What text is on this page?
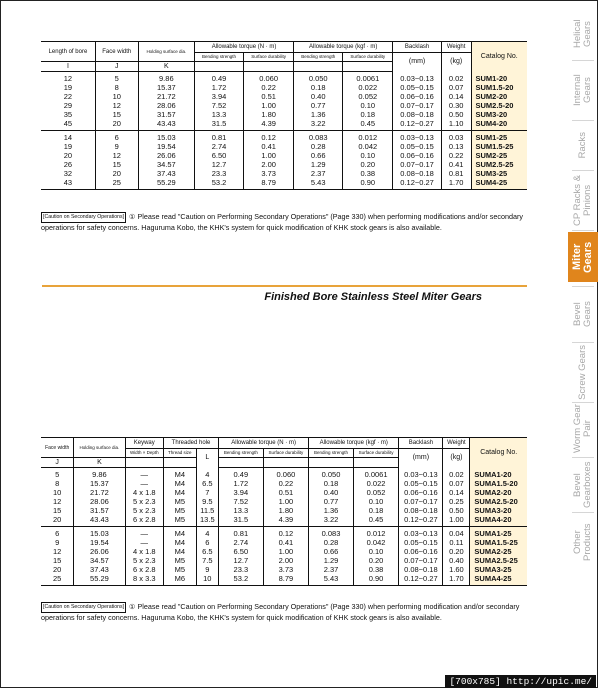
Length of bore	Face width	Holding surface dia.	Allowable torque (N · m)		Allowable torque (kgf · m)		Backlash	Weight	Catalog No.
			Bending strength	Surface durability	Bending strength	Surface durability	(mm)	(kg)	
I	J	K							
12	5	9.86	0.49	0.060	0.050	0.0061	0.03~0.13	0.02	SUM1-20
19	8	15.37	1.72	0.22	0.18	0.022	0.05~0.15	0.07	SUM1.5-20
22	10	21.72	3.94	0.51	0.40	0.052	0.06~0.16	0.14	SUM2-20
29	12	28.06	7.52	1.00	0.77	0.10	0.07~0.17	0.30	SUM2.5-20
35	15	31.57	13.3	1.80	1.36	0.18	0.08~0.18	0.50	SUM3-20
45	20	43.43	31.5	4.39	3.22	0.45	0.12~0.27	1.10	SUM4-20
14	6	15.03	0.81	0.12	0.083	0.012	0.03~0.13	0.03	SUM1-25
19	9	19.54	2.74	0.41	0.28	0.042	0.05~0.15	0.13	SUM1.5-25
20	12	26.06	6.50	1.00	0.66	0.10	0.06~0.16	0.22	SUM2-25
26	15	34.57	12.7	2.00	1.29	0.20	0.07~0.17	0.41	SUM2.5-25
32	20	37.43	23.3	3.73	2.37	0.38	0.08~0.18	0.81	SUM3-25
43	25	55.29	53.2	8.79	5.43	0.90	0.12~0.27	1.70	SUM4-25
[Caution on Secondary Operations] ① Please read "Caution on Performing Secondary Operations" (Page 330) when performing modifications and/or secondary operations for safety concerns. Haguruma Kobo, the KHK's system for quick modification of KHK stock gears is also available.
Finished Bore Stainless Steel Miter Gears
Face width	Holding surface dia.	Keyway	Threaded hole		Allowable torque (N · m)		Allowable torque (kgf · m)		Backlash	Weight	Catalog No.
		Width × Depth	Thread size	L	Bending strength	Surface durability	Bending strength	Surface durability	(mm)	(kg)	
J	K										
5	9.86	—	M4	4	0.49	0.060	0.050	0.0061	0.03~0.13	0.02	SUMA1-20
8	15.37	—	M4	6.5	1.72	0.22	0.18	0.022	0.05~0.15	0.07	SUMA1.5-20
10	21.72	4 x 1.8	M4	7	3.94	0.51	0.40	0.052	0.06~0.16	0.14	SUMA2-20
12	28.06	5 x 2.3	M5	9.5	7.52	1.00	0.77	0.10	0.07~0.17	0.25	SUMA2.5-20
15	31.57	5 x 2.3	M5	11.5	13.3	1.80	1.36	0.18	0.08~0.18	0.50	SUMA3-20
20	43.43	6 x 2.8	M5	13.5	31.5	4.39	3.22	0.45	0.12~0.27	1.00	SUMA4-20
6	15.03	—	M4	4	0.81	0.12	0.083	0.012	0.03~0.13	0.04	SUMA1-25
9	19.54	—	M4	6	2.74	0.41	0.28	0.042	0.05~0.15	0.11	SUMA1.5-25
12	26.06	4 x 1.8	M4	6.5	6.50	1.00	0.66	0.10	0.06~0.16	0.20	SUMA2-25
15	34.57	5 x 2.3	M5	7.5	12.7	2.00	1.29	0.20	0.07~0.17	0.40	SUMA2.5-25
20	37.43	6 x 2.8	M5	9	23.3	3.73	2.37	0.38	0.08~0.18	1.60	SUMA3-25
25	55.29	8 x 3.3	M6	10	53.2	8.79	5.43	0.90	0.12~0.27	1.70	SUMA4-25
[Caution on Secondary Operations] ① Please read "Caution on Performing Secondary Operations" (Page 330) when performing modification and/or secondary operations for safety concerns. Haguruma Kobo, the KHK's system for quick modification of KHK stock gears is also available.
Helical Gears
Internal Gears
Racks
CP Racks & Pinions
Miter Gears
Bevel Gears
Screw Gears
Worm Gear Pair
Bevel Gearboxes
Other Products
[700x785] http://upic.me/
